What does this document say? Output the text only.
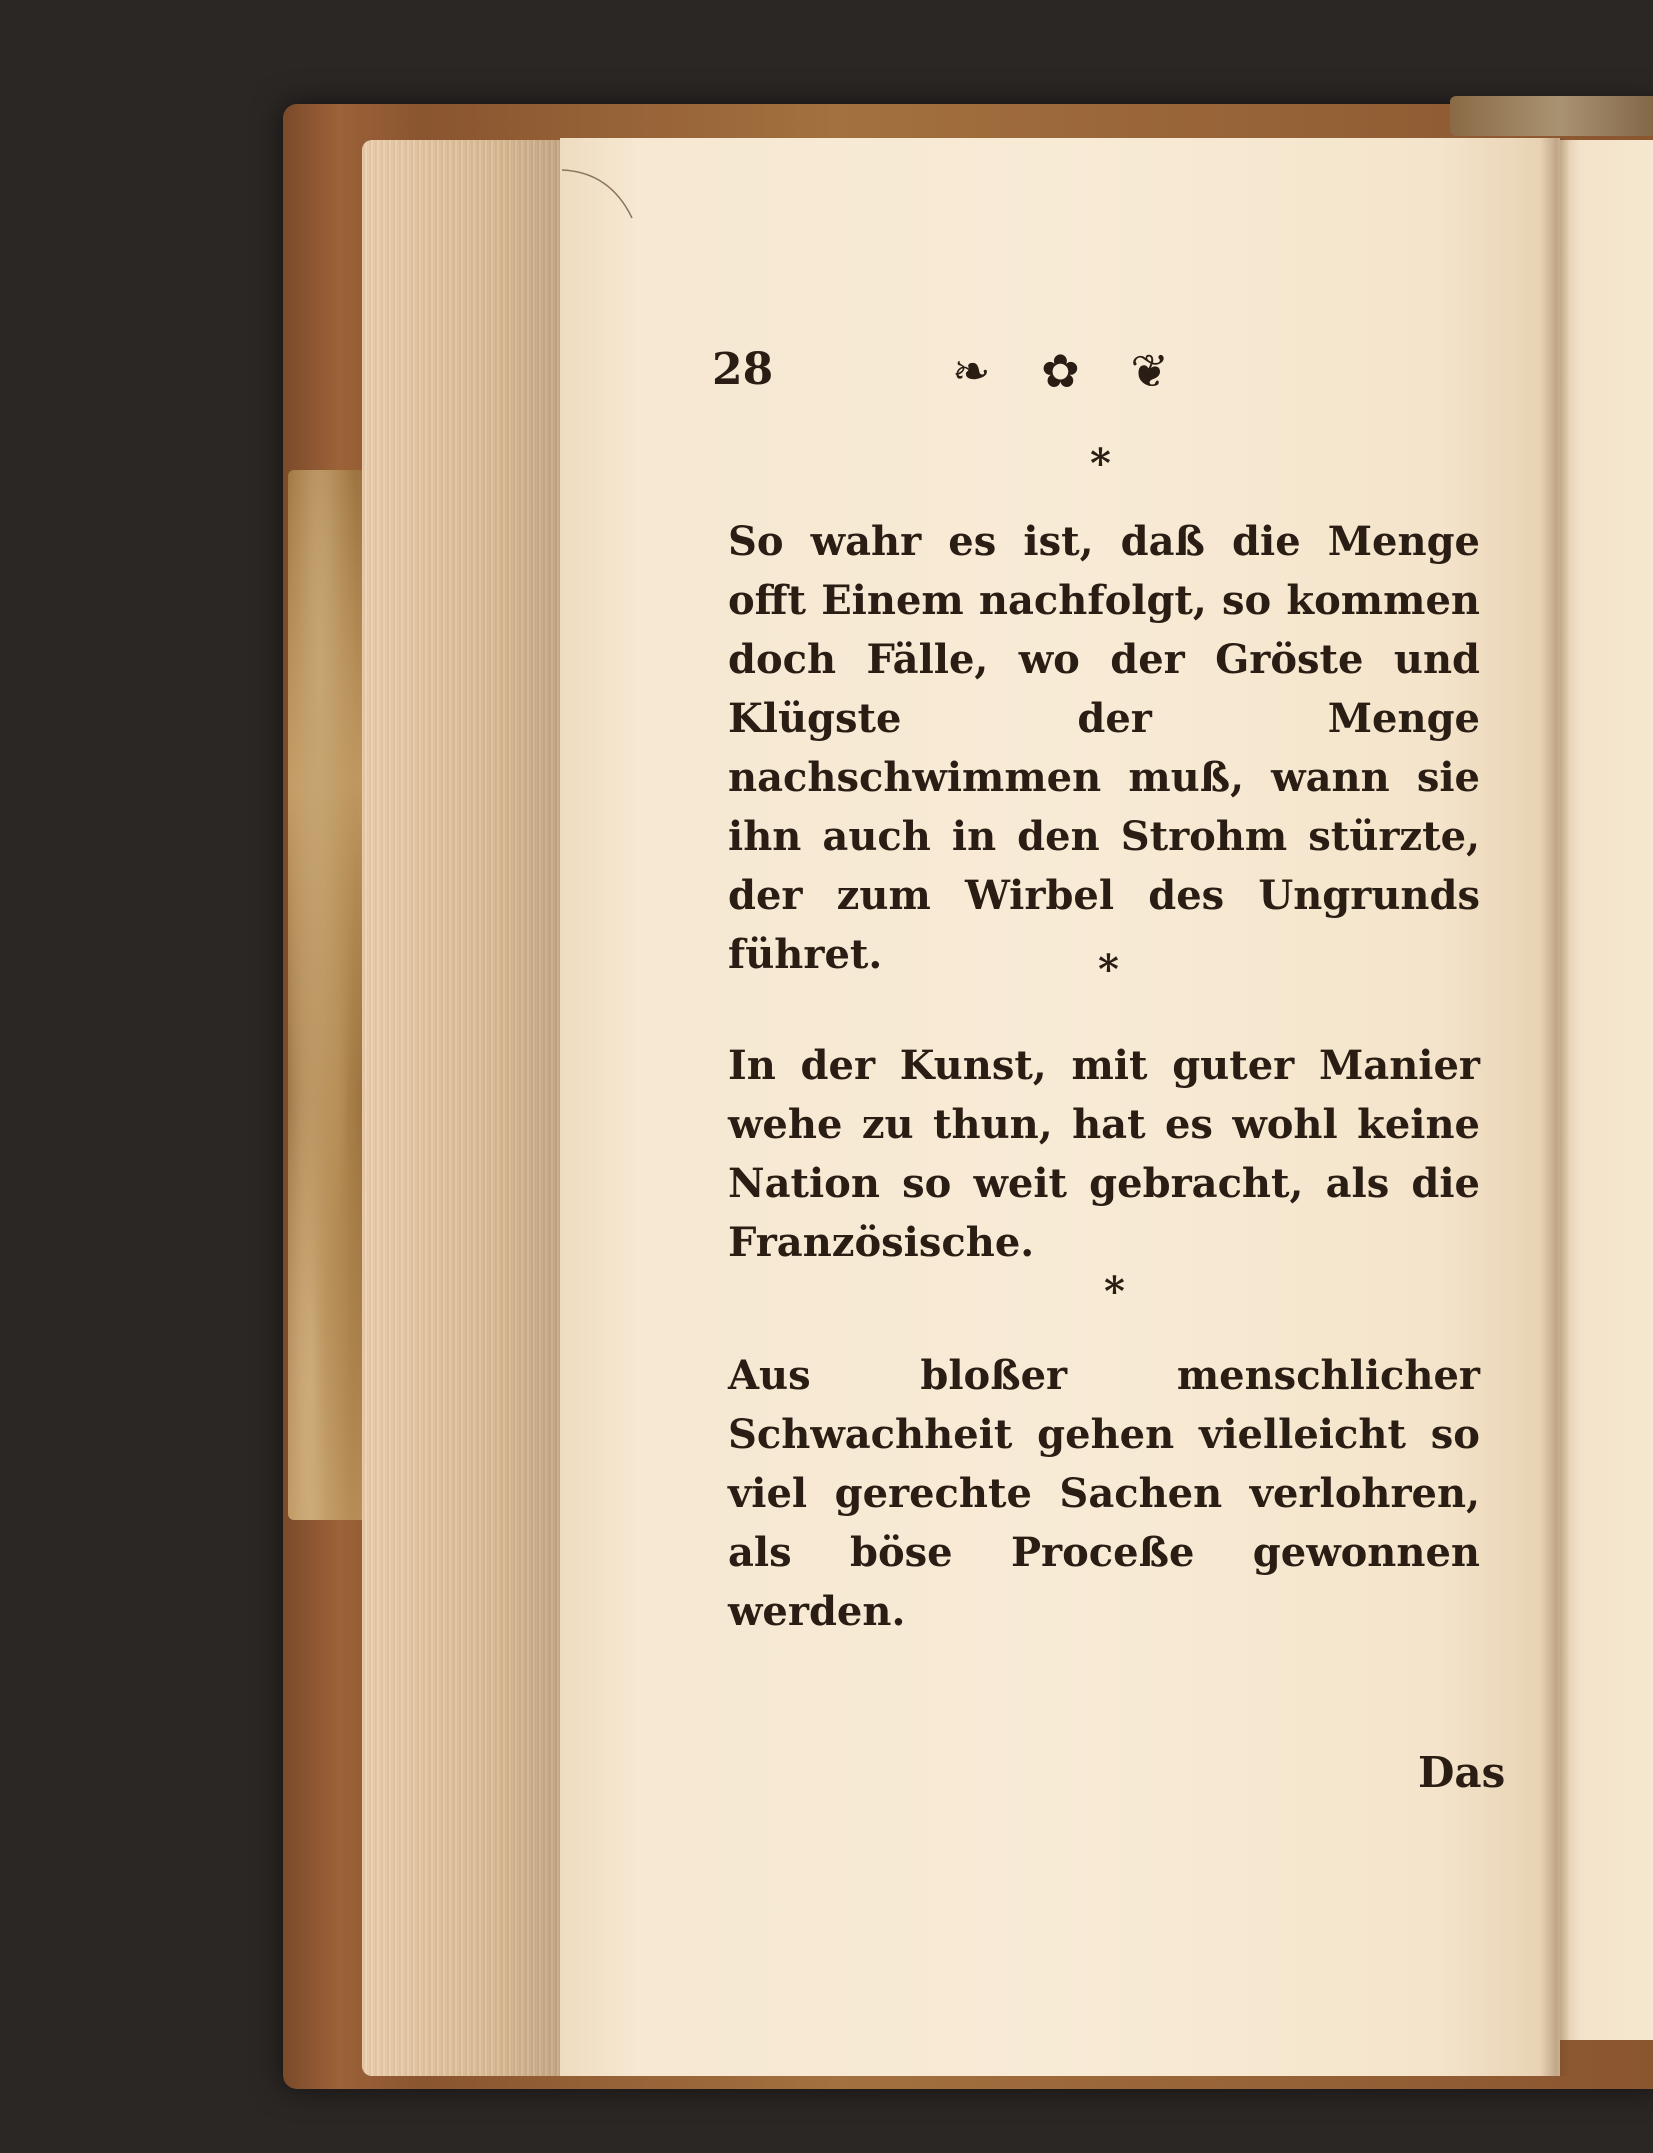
28	❧ ✿ ❦
*

So wahr es ist, daß die Menge offt Einem nachfolgt, so kommen doch Fälle, wo der Gröste und Klügste der Menge nachschwimmen muß, wann sie ihn auch in den Strohm stürzte, der zum Wirbel des Ungrunds führet.	*

In der Kunst, mit guter Manier wehe zu thun, hat es wohl keine Nation so weit gebracht, als die Französische.

*

Aus bloßer menschlicher Schwachheit gehen vielleicht so viel gerechte Sachen verlohren, als böse Proceße gewonnen werden.

Das
